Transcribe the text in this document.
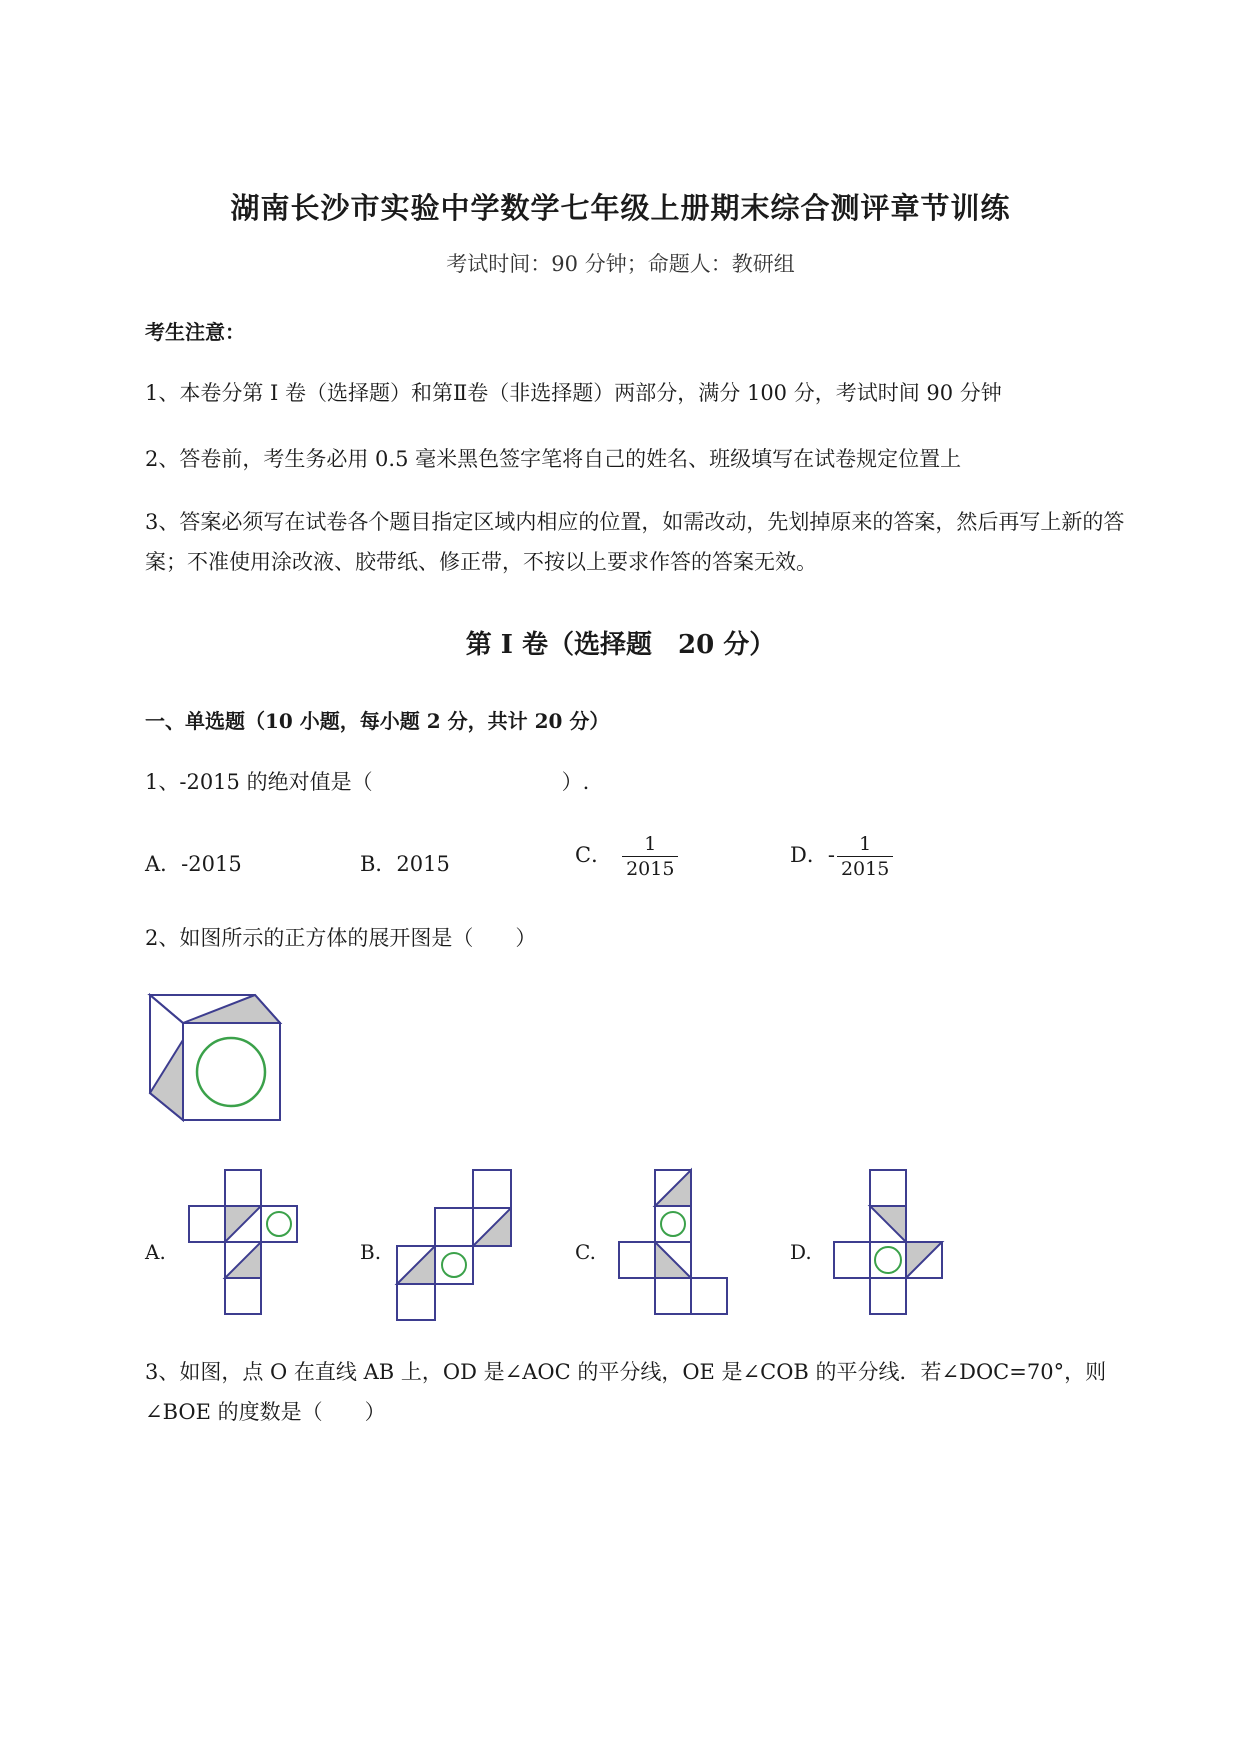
湖南长沙市实验中学数学七年级上册期末综合测评章节训练
考试时间：90 分钟；命题人：教研组
考生注意：
1、本卷分第 I 卷（选择题）和第Ⅱ卷（非选择题）两部分，满分 100 分，考试时间 90 分钟
2、答卷前，考生务必用 0.5 毫米黑色签字笔将自己的姓名、班级填写在试卷规定位置上
3、答案必须写在试卷各个题目指定区域内相应的位置，如需改动，先划掉原来的答案，然后再写上新的答案；不准使用涂改液、胶带纸、修正带，不按以上要求作答的答案无效。
第 I 卷（选择题　20 分）
一、单选题（10 小题，每小题 2 分，共计 20 分）
1、-2015 的绝对值是（　　　　　　　　　）.
A．-2015	B．2015	C． $\frac{1}{2015}$	D．- $\frac{1}{2015}$
2、如图所示的正方体的展开图是（　　）
A.	B.	C.	D.
3、如图，点 O 在直线 AB 上，OD 是∠AOC 的平分线，OE 是∠COB 的平分线．若∠DOC=70°，则∠BOE 的度数是（　　）
